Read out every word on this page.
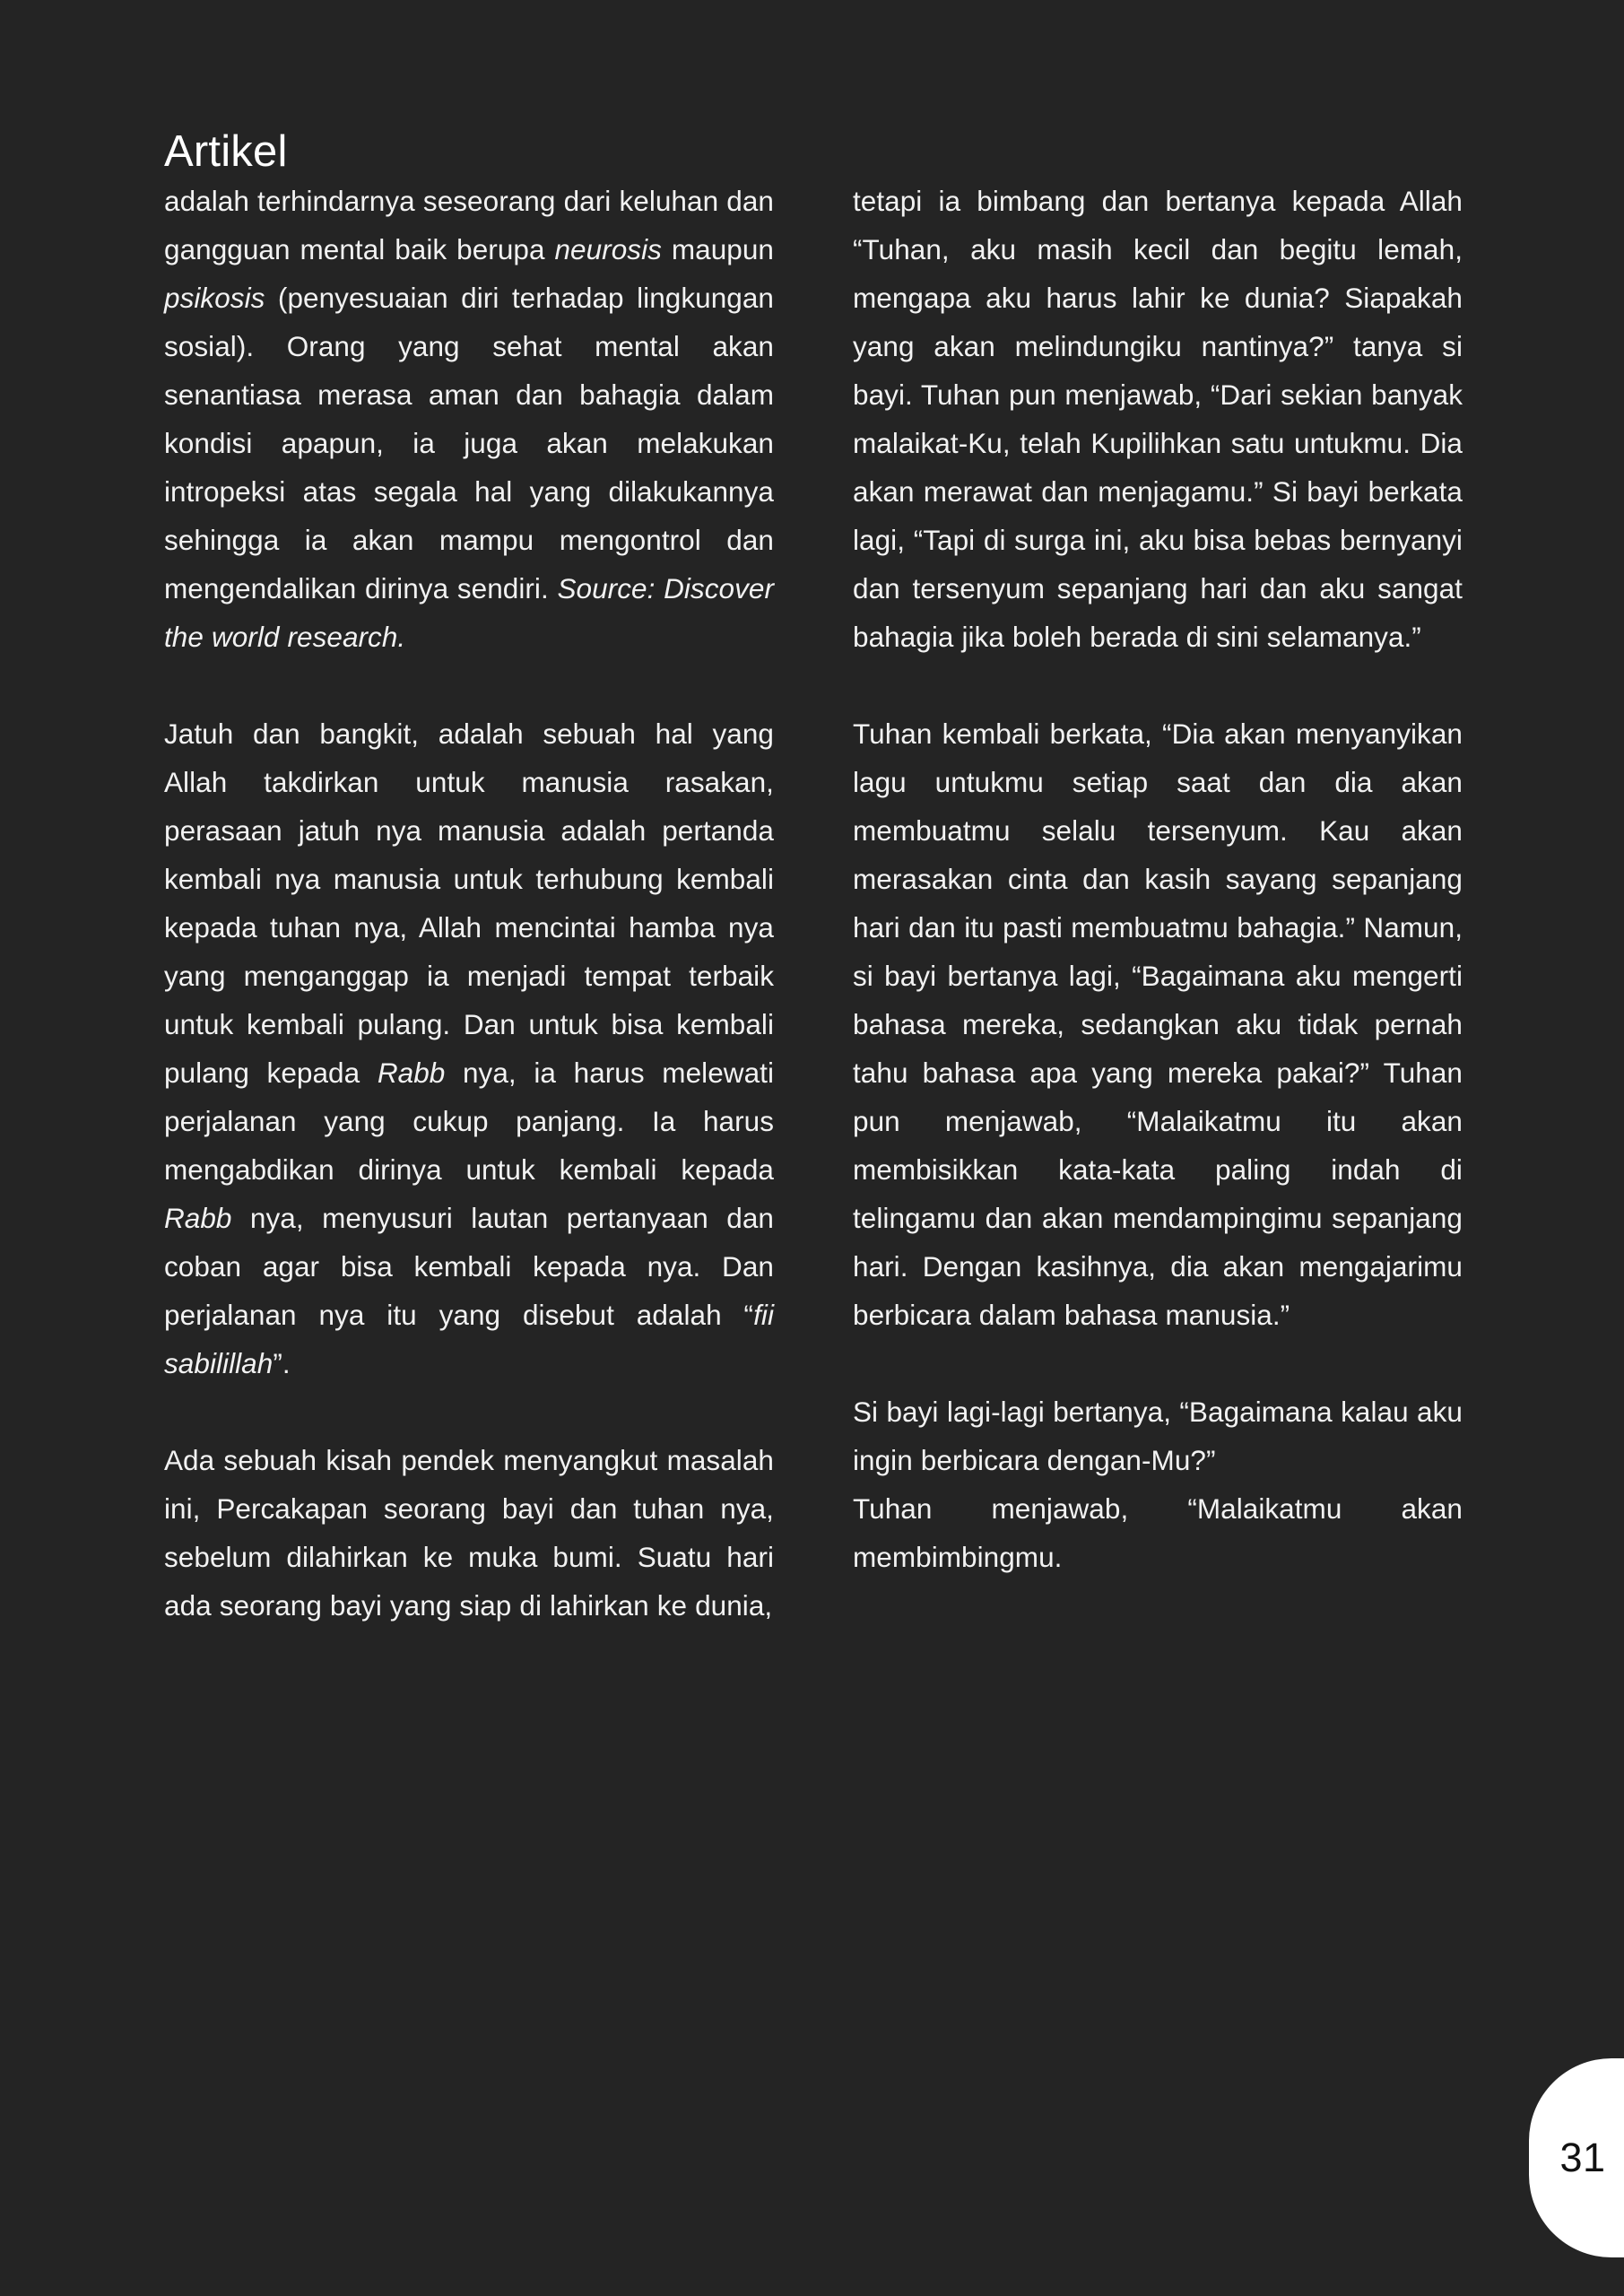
Artikel

adalah terhindarnya seseorang dari keluhan dan gangguan mental baik berupa neurosis maupun psikosis (penyesuaian diri terhadap lingkungan sosial). Orang yang sehat mental akan senantiasa merasa aman dan bahagia dalam kondisi apapun, ia juga akan melakukan intropeksi atas segala hal yang dilakukannya sehingga ia akan mampu mengontrol dan mengendalikan dirinya sendiri. Source: Discover the world research.

Jatuh dan bangkit, adalah sebuah hal yang Allah takdirkan untuk manusia rasakan, perasaan jatuh nya manusia adalah pertanda kembali nya manusia untuk terhubung kembali kepada tuhan nya, Allah mencintai hamba nya yang menganggap ia menjadi tempat terbaik untuk kembali pulang. Dan untuk bisa kembali pulang kepada Rabb nya, ia harus melewati perjalanan yang cukup panjang. Ia harus mengabdikan dirinya untuk kembali kepada Rabb nya, menyusuri lautan pertanyaan dan coban agar bisa kembali kepada nya. Dan perjalanan nya itu yang disebut adalah “fii sabilillah”.

Ada sebuah kisah pendek menyangkut masalah ini, Percakapan seorang bayi dan tuhan nya, sebelum dilahirkan ke muka bumi. Suatu hari ada seorang bayi yang siap di lahirkan ke dunia,

tetapi ia bimbang dan bertanya kepada Allah “Tuhan, aku masih kecil dan begitu lemah, mengapa aku harus lahir ke dunia? Siapakah yang akan melindungiku nantinya?” tanya si bayi. Tuhan pun menjawab, “Dari sekian banyak malaikat-Ku, telah Kupilihkan satu untukmu. Dia akan merawat dan menjagamu.” Si bayi berkata lagi, “Tapi di surga ini, aku bisa bebas bernyanyi dan tersenyum sepanjang hari dan aku sangat bahagia jika boleh berada di sini selamanya.”

Tuhan kembali berkata, “Dia akan menyanyikan lagu untukmu setiap saat dan dia akan membuatmu selalu tersenyum. Kau akan merasakan cinta dan kasih sayang sepanjang hari dan itu pasti membuatmu bahagia.” Namun, si bayi bertanya lagi, “Bagaimana aku mengerti bahasa mereka, sedangkan aku tidak pernah tahu bahasa apa yang mereka pakai?” Tuhan pun menjawab, “Malaikatmu itu akan membisikkan kata-kata paling indah di telingamu dan akan mendampingimu sepanjang hari. Dengan kasihnya, dia akan mengajarimu berbicara dalam bahasa manusia.”

Si bayi lagi-lagi bertanya, “Bagaimana kalau aku ingin berbicara dengan-Mu?”

Tuhan menjawab, “Malaikatmu akan membimbingmu.

31
